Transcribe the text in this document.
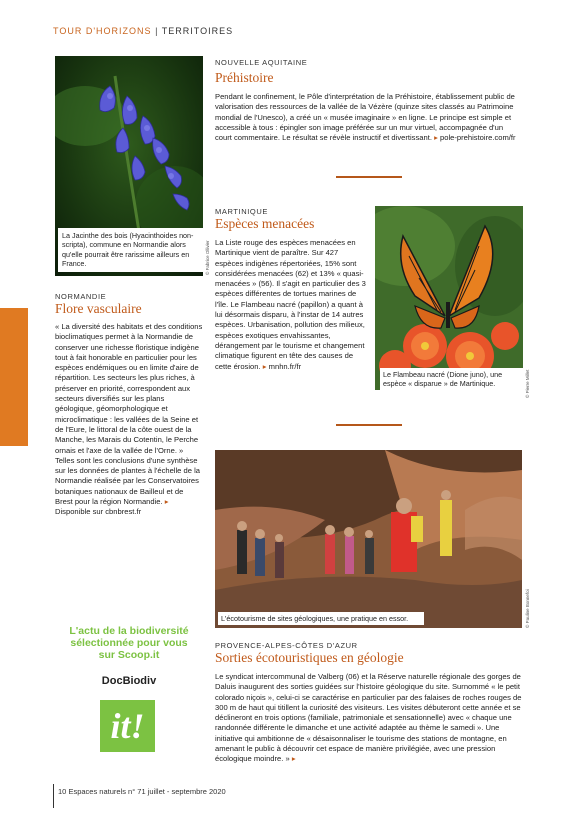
TOUR D'HORIZONS | TERRITOIRES
La Jacinthe des bois (Hyacinthoides non-scripta), commune en Normandie alors qu'elle pourrait être rarissime ailleurs en France.	© Fabrice Ollivier
NOUVELLE AQUITAINE
Préhistoire
Pendant le confinement, le Pôle d'interprétation de la Préhistoire, établissement public de valorisation des ressources de la vallée de la Vézère (quinze sites classés au Patrimoine mondial de l'Unesco), a créé un « musée imaginaire » en ligne. Le principe est simple et accessible à tous : épingler son image préférée sur un mur virtuel, accompagnée d'un court commentaire. Le résultat se révèle instructif et divertissant. ▸ pole-prehistoire.com/fr
MARTINIQUE
Espèces menacées
La Liste rouge des espèces menacées en Martinique vient de paraître. Sur 427 espèces indigènes répertoriées, 15% sont considérées menacées (62) et 13% « quasi-menacées » (56). Il s'agit en particulier des 3 espèces différentes de tortues marines de l'île. Le Flambeau nacré (papillon) a quant à lui désormais disparu, à l'instar de 14 autres espèces. Urbanisation, pollution des milieux, espèces exotiques envahissantes, dérangement par le tourisme et changement climatique figurent en tête des causes de cette érosion. ▸ mnhn.fr/fr
Le Flambeau nacré (Dione juno), une espèce « disparue » de Martinique.	© Pierre Millet
NORMANDIE
Flore vasculaire
« La diversité des habitats et des conditions bioclimatiques permet à la Normandie de conserver une richesse floristique indigène tout à fait honorable en particulier pour les espèces endémiques ou en limite d'aire de répartition. Les secteurs les plus riches, à préserver en priorité, correspondent aux secteurs diversifiés sur les plans géologique, géomorphologique et microclimatique : les vallées de la Seine et de l'Eure, le littoral de la côte ouest de la Manche, les Marais du Cotentin, le Perche ornais et l'axe de la vallée de l'Orne. » Telles sont les conclusions d'une synthèse sur les données de plantes à l'échelle de la Normandie réalisée par les Conservatoires botaniques nationaux de Bailleul et de Brest pour la région Normandie. ▸ Disponible sur cbnbrest.fr
L'écotourisme de sites géologiques, une pratique en essor.	© Pauline Bonnefoi
L'actu de la biodiversité
sélectionnée pour vous
sur Scoop.it
DocBiodiv
it!
PROVENCE-ALPES-CÔTES D'AZUR
Sorties écotouristiques en géologie
Le syndicat intercommunal de Valberg (06) et la Réserve naturelle régionale des gorges de Daluis inaugurent des sorties guidées sur l'histoire géologique du site. Surnommé « le petit colorado niçois », celui-ci se caractérise en particulier par des falaises de roches rouges de 300 m de haut qui titillent la curiosité des visiteurs. Les visites débuteront cette année et se déclineront en trois options (familiale, patrimoniale et sensationnelle) avec « chaque une randonnée différente le dimanche et une activité adaptée au thème le samedi ». Une initiative qui ambitionne de « désaisonnaliser le tourisme des stations de montagne, en amenant le public à découvrir cet espace de manière privilégiée, avec une pression écologique moindre. » ▸
10 Espaces naturels n° 71 juillet - septembre 2020
